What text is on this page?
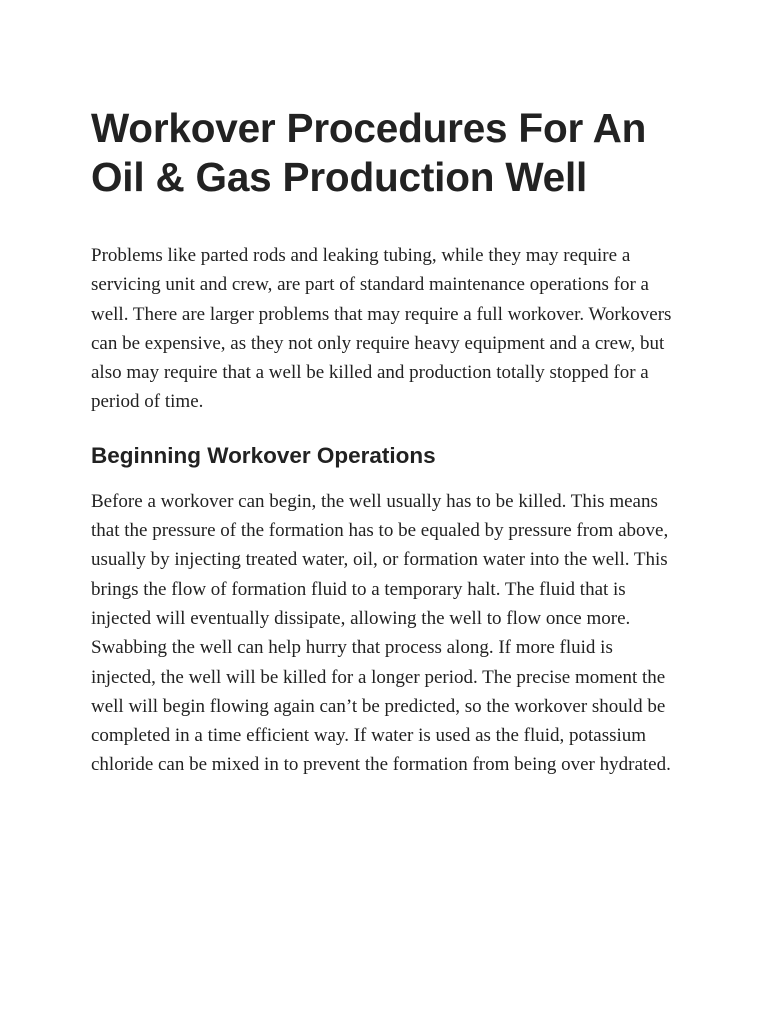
Workover Procedures For An Oil & Gas Production Well

Problems like parted rods and leaking tubing, while they may require a servicing unit and crew, are part of standard maintenance operations for a well. There are larger problems that may require a full workover. Workovers can be expensive, as they not only require heavy equipment and a crew, but also may require that a well be killed and production totally stopped for a period of time.

Beginning Workover Operations

Before a workover can begin, the well usually has to be killed. This means that the pressure of the formation has to be equaled by pressure from above, usually by injecting treated water, oil, or formation water into the well. This brings the flow of formation fluid to a temporary halt. The fluid that is injected will eventually dissipate, allowing the well to flow once more. Swabbing the well can help hurry that process along. If more fluid is injected, the well will be killed for a longer period. The precise moment the well will begin flowing again can’t be predicted, so the workover should be completed in a time efficient way. If water is used as the fluid, potassium chloride can be mixed in to prevent the formation from being over hydrated.
